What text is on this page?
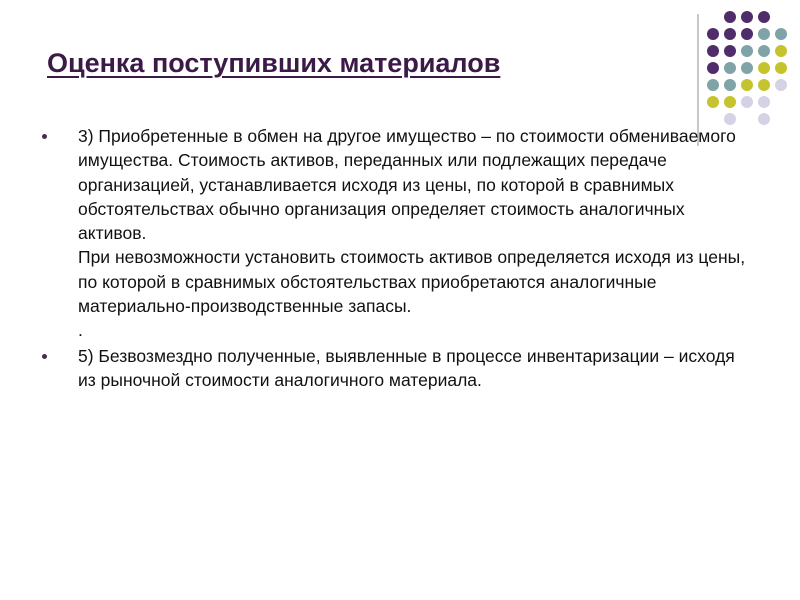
Оценка поступивших материалов

3) Приобретенные в обмен на другое имущество – по стоимости обмениваемого имущества. Стоимость активов, переданных или подлежащих передаче организацией, устанавливается исходя из цены, по которой в сравнимых обстоятельствах обычно организация определяет стоимость аналогичных активов.

При невозможности установить стоимость активов определяется исходя из цены, по которой в сравнимых обстоятельствах приобретаются аналогичные материально-производственные запасы.

.

5) Безвозмездно полученные, выявленные в процессе инвентаризации – исходя из рыночной стоимости аналогичного материала.
